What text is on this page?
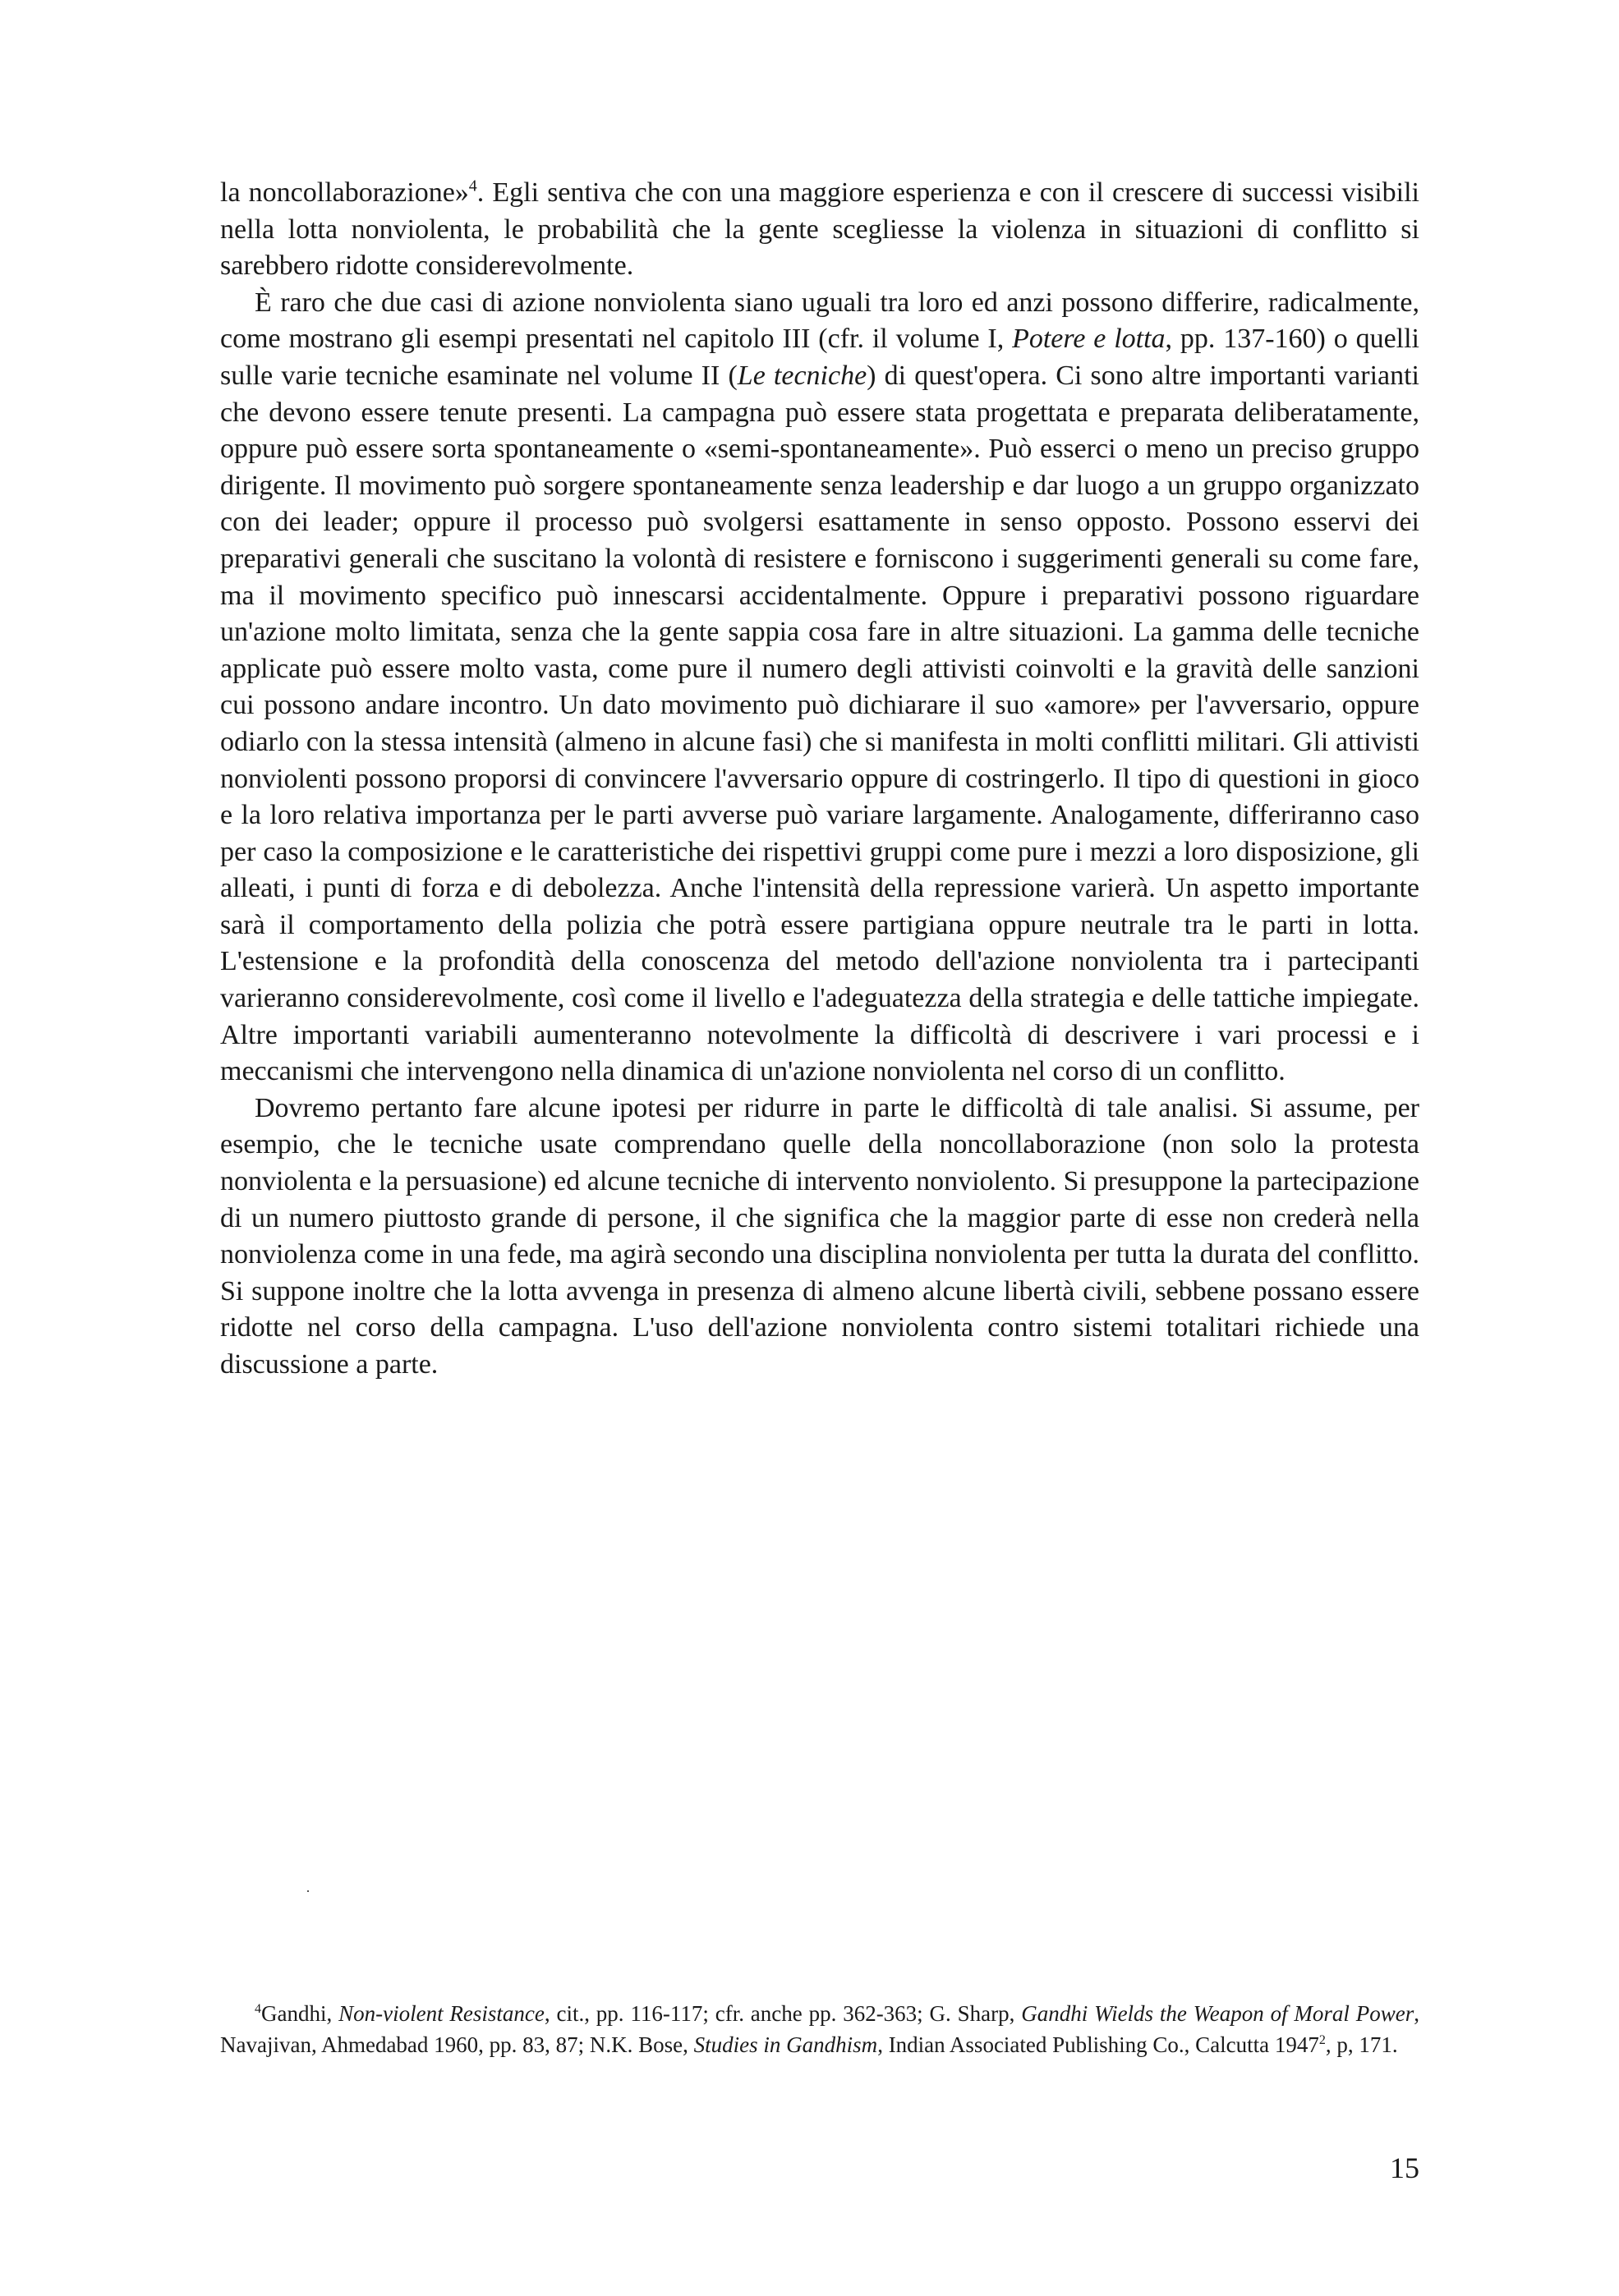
la noncollaborazione»$^4$. Egli sentiva che con una maggiore esperienza e con il crescere di successi visibili nella lotta nonviolenta, le probabilità che la gente scegliesse la violenza in situazioni di conflitto si sarebbero ridotte considerevolmente.

È raro che due casi di azione nonviolenta siano uguali tra loro ed anzi possono differire, radicalmente, come mostrano gli esempi presentati nel capitolo III (cfr. il volume I, Potere e lotta, pp. 137-160) o quelli sulle varie tecniche esaminate nel volume II (Le tecniche) di quest'opera. Ci sono altre importanti varianti che devono essere tenute presenti. La campagna può essere stata progettata e preparata deliberatamente, oppure può essere sorta spontaneamente o «semi-spontaneamente». Può esserci o meno un preciso gruppo dirigente. Il movimento può sorgere spontaneamente senza leadership e dar luogo a un gruppo organizzato con dei leader; oppure il processo può svolgersi esattamente in senso opposto. Possono esservi dei preparativi generali che suscitano la volontà di resistere e forniscono i suggerimenti generali su come fare, ma il movimento specifico può innescarsi accidentalmente. Oppure i preparativi possono riguardare un'azione molto limitata, senza che la gente sappia cosa fare in altre situazioni. La gamma delle tecniche applicate può essere molto vasta, come pure il numero degli attivisti coinvolti e la gravità delle sanzioni cui possono andare incontro. Un dato movimento può dichiarare il suo «amore» per l'avversario, oppure odiarlo con la stessa intensità (almeno in alcune fasi) che si manifesta in molti conflitti militari. Gli attivisti nonviolenti possono proporsi di convincere l'avversario oppure di costringerlo. Il tipo di questioni in gioco e la loro relativa importanza per le parti avverse può variare largamente. Analogamente, differiranno caso per caso la composizione e le caratteristiche dei rispettivi gruppi come pure i mezzi a loro disposizione, gli alleati, i punti di forza e di debolezza. Anche l'intensità della repressione varierà. Un aspetto importante sarà il comportamento della polizia che potrà essere partigiana oppure neutrale tra le parti in lotta. L'estensione e la profondità della conoscenza del metodo dell'azione nonviolenta tra i partecipanti varieranno considerevolmente, così come il livello e l'adeguatezza della strategia e delle tattiche impiegate. Altre importanti variabili aumenteranno notevolmente la difficoltà di descrivere i vari processi e i meccanismi che intervengono nella dinamica di un'azione nonviolenta nel corso di un conflitto.

Dovremo pertanto fare alcune ipotesi per ridurre in parte le difficoltà di tale analisi. Si assume, per esempio, che le tecniche usate comprendano quelle della noncollaborazione (non solo la protesta nonviolenta e la persuasione) ed alcune tecniche di intervento nonviolento. Si presuppone la partecipazione di un numero piuttosto grande di persone, il che significa che la maggior parte di esse non crederà nella nonviolenza come in una fede, ma agirà secondo una disciplina nonviolenta per tutta la durata del conflitto. Si suppone inoltre che la lotta avvenga in presenza di almeno alcune libertà civili, sebbene possano essere ridotte nel corso della campagna. L'uso dell'azione nonviolenta contro sistemi totalitari richiede una discussione a parte.

$^4$Gandhi, Non-violent Resistance, cit., pp. 116-117; cfr. anche pp. 362-363; G. Sharp, Gandhi Wields the Weapon of Moral Power, Navajivan, Ahmedabad 1960, pp. 83, 87; N.K. Bose, Studies in Gandhism, Indian Associated Publishing Co., Calcutta 1947$^2$, p, 171.

15
